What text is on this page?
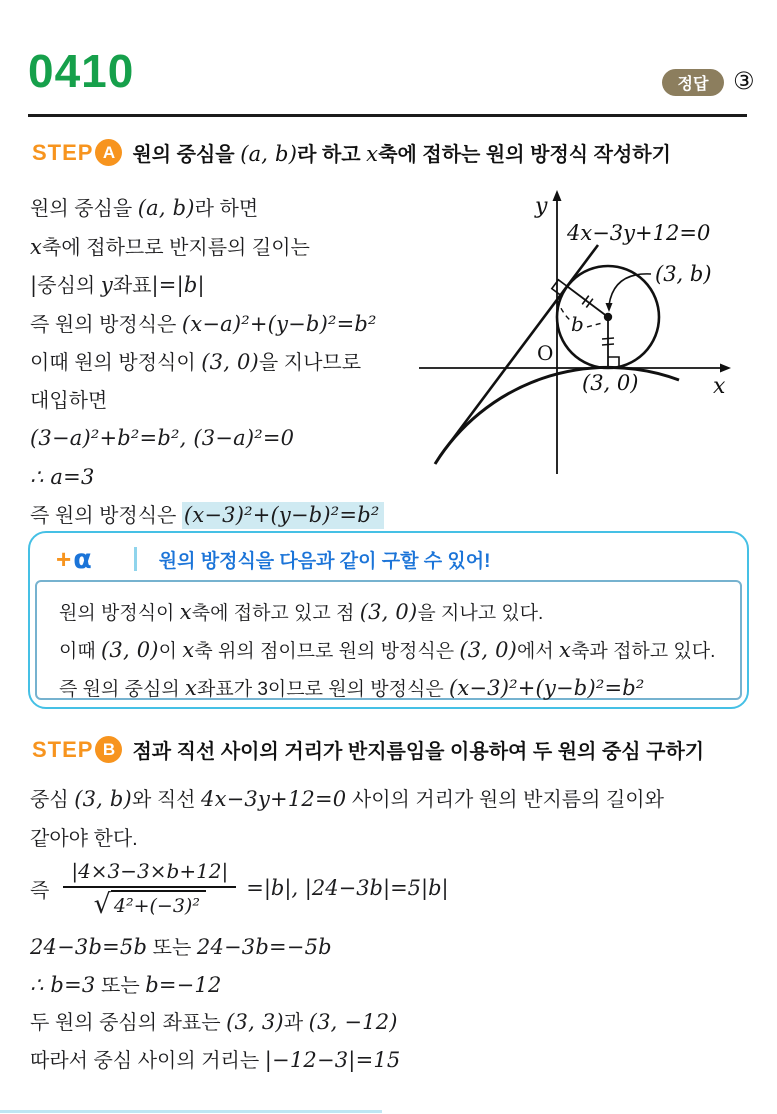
0410	정답	③
STEP A 원의 중심을 (a, b)라 하고 x축에 접하는 원의 방정식 작성하기
원의 중심을 (a, b)라 하면
x축에 접하므로 반지름의 길이는
|중심의 y좌표|=|b|
즉 원의 방정식은 (x−a)²+(y−b)²=b²
이때 원의 방정식이 (3, 0)을 지나므로
대입하면
(3−a)²+b²=b², (3−a)²=0
∴ a=3
즉 원의 방정식은 (x−3)²+(y−b)²=b²
4x−3y+12=0
(3, b)
b
O
(3, 0)	x
y
+ α	원의 방정식을 다음과 같이 구할 수 있어!
원의 방정식이 x축에 접하고 있고 점 (3, 0)을 지나고 있다.
이때 (3, 0)이 x축 위의 점이므로 원의 방정식은 (3, 0)에서 x축과 접하고 있다.
즉 원의 중심의 x좌표가 3이므로 원의 방정식은 (x−3)²+(y−b)²=b²
STEP B 점과 직선 사이의 거리가 반지름임을 이용하여 두 원의 중심 구하기
중심 (3, b)와 직선 4x−3y+12=0 사이의 거리가 원의 반지름의 길이와
같아야 한다.
즉 $\frac{|4\times 3-3\times b+12|}{\text{√ 4²+(−3)²}} =|b|$, |24−3b|=5|b|
24−3b=5b 또는 24−3b=−5b
∴ b=3 또는 b=−12
두 원의 중심의 좌표는 (3, 3)과 (3, −12)
따라서 중심 사이의 거리는 |−12−3|=15
